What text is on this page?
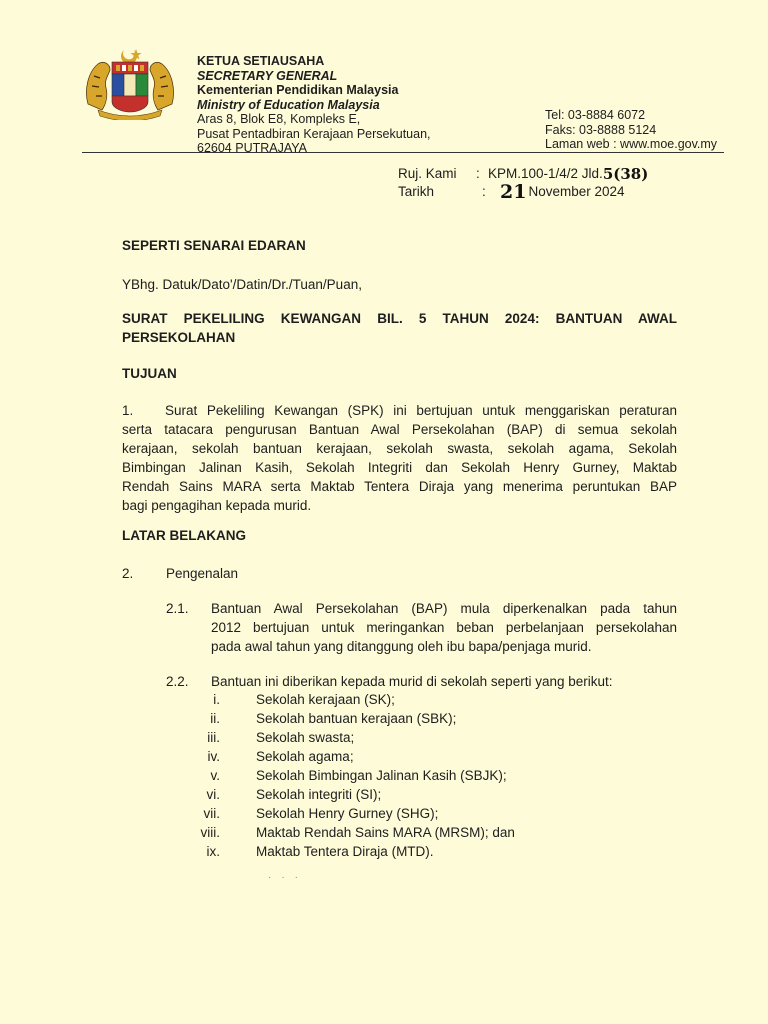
KETUA SETIAUSAHA
SECRETARY GENERAL
Kementerian Pendidikan Malaysia
Ministry of Education Malaysia
Aras 8, Blok E8, Kompleks E,
Pusat Pentadbiran Kerajaan Persekutuan,
62604 PUTRAJAYA
Tel: 03-8884 6072
Faks: 03-8888 5124
Laman web : www.moe.gov.my
Ruj. Kami	: KPM.100-1/4/2 Jld. 5(38)
Tarikh	: 21 November 2024
SEPERTI SENARAI EDARAN
YBhg. Datuk/Dato'/Datin/Dr./Tuan/Puan,
SURAT PEKELILING KEWANGAN BIL. 5 TAHUN 2024: BANTUAN AWAL
PERSEKOLAHAN
TUJUAN
1. Surat Pekeliling Kewangan (SPK) ini bertujuan untuk menggariskan peraturan
serta tatacara pengurusan Bantuan Awal Persekolahan (BAP) di semua sekolah
kerajaan, sekolah bantuan kerajaan, sekolah swasta, sekolah agama, Sekolah
Bimbingan Jalinan Kasih, Sekolah Integriti dan Sekolah Henry Gurney, Maktab
Rendah Sains MARA serta Maktab Tentera Diraja yang menerima peruntukan BAP
bagi pengagihan kepada murid.
LATAR BELAKANG
2. Pengenalan
2.1. Bantuan Awal Persekolahan (BAP) mula diperkenalkan pada tahun
2012 bertujuan untuk meringankan beban perbelanjaan persekolahan
pada awal tahun yang ditanggung oleh ibu bapa/penjaga murid.
2.2. Bantuan ini diberikan kepada murid di sekolah seperti yang berikut:
i.	Sekolah kerajaan (SK);
ii.	Sekolah bantuan kerajaan (SBK);
iii.	Sekolah swasta;
iv.	Sekolah agama;
v.	Sekolah Bimbingan Jalinan Kasih (SBJK);
vi.	Sekolah integriti (SI);
vii.	Sekolah Henry Gurney (SHG);
viii.	Maktab Rendah Sains MARA (MRSM); dan
ix.	Maktab Tentera Diraja (MTD).
···
